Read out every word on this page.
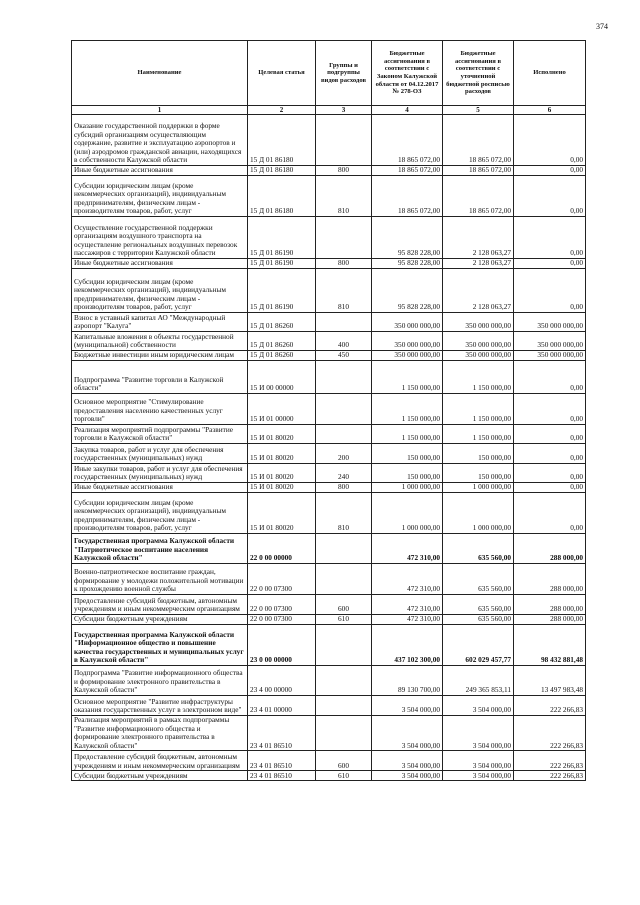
374
Наименование	Целевая статья	Группы и подгруппы видов расходов	Бюджетные ассигнования в соответствии с Законом Калужской области от 04.12.2017 № 278-ОЗ	Бюджетные ассигнования в соответствии с уточненной бюджетной росписью расходов	Исполнено
1	2	3	4	5	6
Оказание государственной поддержки в форме субсидий организациям осуществляющим содержание, развитие и эксплуатацию аэропортов и (или) аэродромов гражданской авиации, находящихся в собственности Калужской области	15 Д 01 86180		18 865 072,00	18 865 072,00	0,00
Иные бюджетные ассигнования	15 Д 01 86180	800	18 865 072,00	18 865 072,00	0,00
Субсидии юридическим лицам (кроме некоммерческих организаций), индивидуальным предпринимателям, физическим лицам - производителям товаров, работ, услуг	15 Д 01 86180	810	18 865 072,00	18 865 072,00	0,00
Осуществление государственной поддержки организациям воздушного транспорта на осуществление региональных воздушных перевозок пассажиров с территории Калужской области	15 Д 01 86190		95 828 228,00	2 128 063,27	0,00
Иные бюджетные ассигнования	15 Д 01 86190	800	95 828 228,00	2 128 063,27	0,00
Субсидии юридическим лицам (кроме некоммерческих организаций), индивидуальным предпринимателям, физическим лицам - производителям товаров, работ, услуг	15 Д 01 86190	810	95 828 228,00	2 128 063,27	0,00
Взнос в уставный капитал АО "Международный аэропорт "Калуга"	15 Д 01 86260		350 000 000,00	350 000 000,00	350 000 000,00
Капитальные вложения в объекты государственной (муниципальной) собственности	15 Д 01 86260	400	350 000 000,00	350 000 000,00	350 000 000,00
Бюджетные инвестиции иным юридическим лицам	15 Д 01 86260	450	350 000 000,00	350 000 000,00	350 000 000,00
Подпрограмма "Развитие торговли в Калужской области"	15 И 00 00000		1 150 000,00	1 150 000,00	0,00
Основное мероприятие "Стимулирование предоставления населению качественных услуг торговли"	15 И 01 00000		1 150 000,00	1 150 000,00	0,00
Реализация мероприятий подпрограммы "Развитие торговли в Калужской области"	15 И 01 80020		1 150 000,00	1 150 000,00	0,00
Закупка товаров, работ и услуг для обеспечения государственных (муниципальных) нужд	15 И 01 80020	200	150 000,00	150 000,00	0,00
Иные закупки товаров, работ и услуг для обеспечения государственных (муниципальных) нужд	15 И 01 80020	240	150 000,00	150 000,00	0,00
Иные бюджетные ассигнования	15 И 01 80020	800	1 000 000,00	1 000 000,00	0,00
Субсидии юридическим лицам (кроме некоммерческих организаций), индивидуальным предпринимателям, физическим лицам - производителям товаров, работ, услуг	15 И 01 80020	810	1 000 000,00	1 000 000,00	0,00
Государственная программа Калужской области "Патриотическое воспитание населения Калужской области"	22 0 00 00000		472 310,00	635 560,00	288 000,00
Военно-патриотическое воспитание граждан, формирование у молодежи положительной мотивации к прохождению военной службы	22 0 00 07300		472 310,00	635 560,00	288 000,00
Предоставление субсидий бюджетным, автономным учреждениям и иным некоммерческим организациям	22 0 00 07300	600	472 310,00	635 560,00	288 000,00
Субсидии бюджетным учреждениям	22 0 00 07300	610	472 310,00	635 560,00	288 000,00
Государственная программа Калужской области "Информационное общество и повышение качества государственных и муниципальных услуг в Калужской области"	23 0 00 00000		437 102 300,00	602 029 457,77	98 432 881,48
Подпрограмма "Развитие информационного общества и формирование электронного правительства в Калужской области"	23 4 00 00000		89 130 700,00	249 365 853,11	13 497 983,48
Основное мероприятие "Развитие инфраструктуры оказания государственных услуг в электронном виде"	23 4 01 00000		3 504 000,00	3 504 000,00	222 266,83
Реализация мероприятий в рамках подпрограммы "Развитие информационного общества и формирование электронного правительства в Калужской области"	23 4 01 86510		3 504 000,00	3 504 000,00	222 266,83
Предоставление субсидий бюджетным, автономным учреждениям и иным некоммерческим организациям	23 4 01 86510	600	3 504 000,00	3 504 000,00	222 266,83
Субсидии бюджетным учреждениям	23 4 01 86510	610	3 504 000,00	3 504 000,00	222 266,83
